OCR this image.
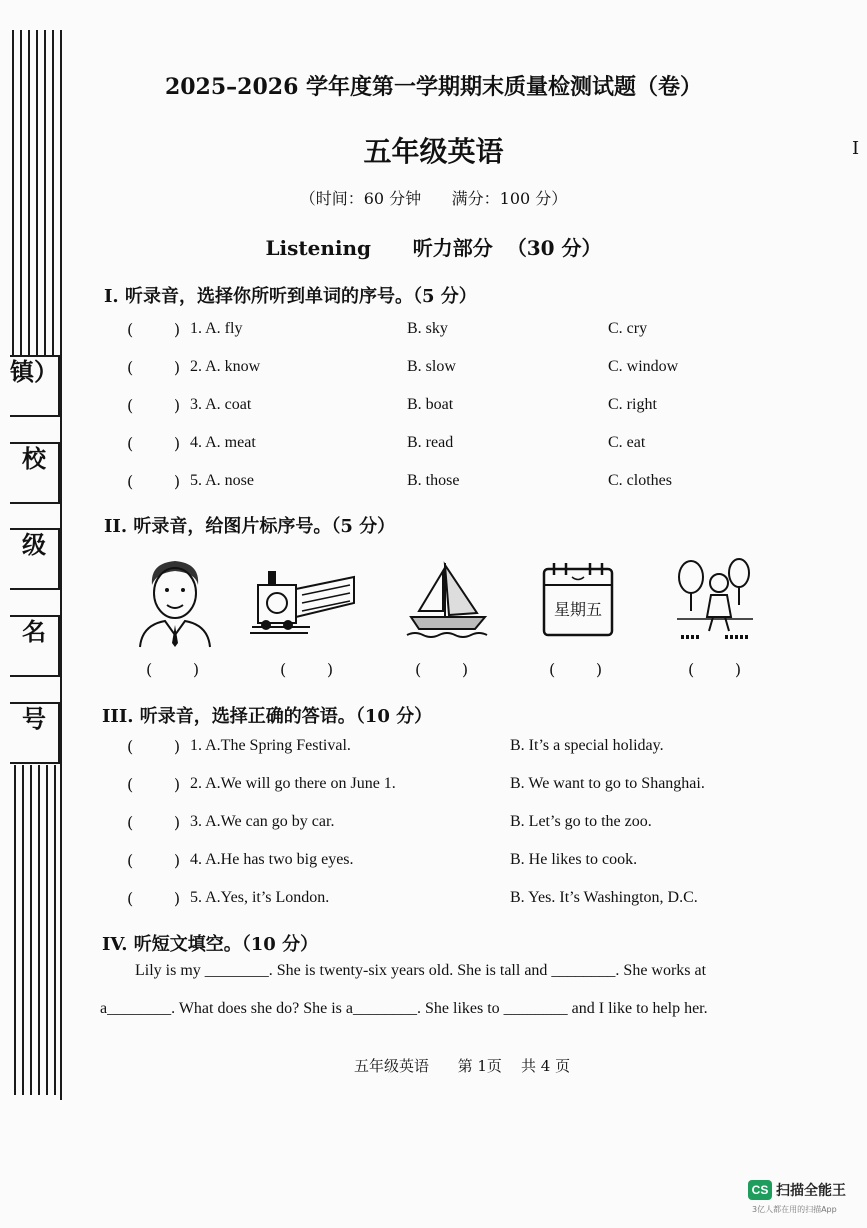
镇）
校
级
名
号
2025–2026 学年度第一学期期末质量检测试题（卷）
五年级英语
（时间：60 分钟      满分：100 分）
Listening      听力部分  （30 分）
I
I. 听录音，选择你所听到单词的序号。（5 分）
(        ) 1. A. fly	B. sky	C. cry
(        ) 2. A. know	B. slow	C. window
(        ) 3. A. coat	B. boat	C. right
(        ) 4. A. meat	B. read	C. eat
(        ) 5. A. nose	B. those	C. clothes
II. 听录音，给图片标序号。（5 分）
(        )	(        )	(        )
星期五
(        )	(        )
III. 听录音，选择正确的答语。（10 分）
(        ) 1. A.The Spring Festival.	B. It’s a special holiday.
(        ) 2. A.We will go there on June 1.	B. We want to go to Shanghai.
(        ) 3. A.We can go by car.	B. Let’s go to the zoo.
(        ) 4. A.He has two big eyes.	B. He likes to cook.
(        ) 5. A.Yes, it’s London.	B. Yes. It’s Washington, D.C.
IV. 听短文填空。（10 分）
Lily is my ________. She is twenty-six years old. She is tall and ________. She works at
a________. What does she do? She is a________. She likes to ________ and I like to help her.
五年级英语      第 1页    共 4 页
CS 扫描全能王
3亿人都在用的扫描App
